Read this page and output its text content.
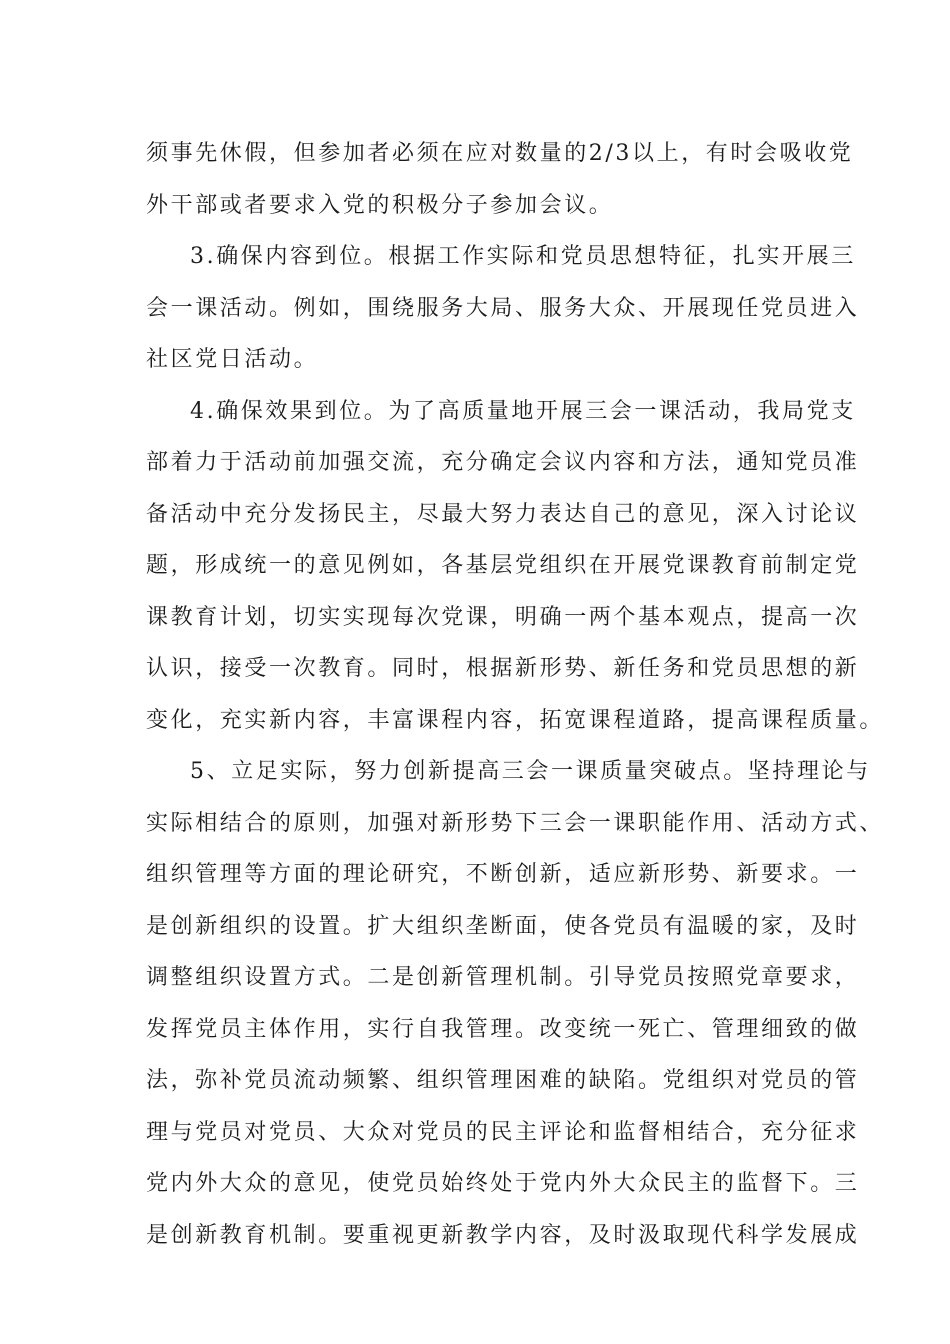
须事先休假，但参加者必须在应对数量的2/3以上，有时会吸收党
外干部或者要求入党的积极分子参加会议。
3.确保内容到位。根据工作实际和党员思想特征，扎实开展三
会一课活动。例如，围绕服务大局、服务大众、开展现任党员进入
社区党日活动。
4.确保效果到位。为了高质量地开展三会一课活动，我局党支
部着力于活动前加强交流，充分确定会议内容和方法，通知党员准
备活动中充分发扬民主，尽最大努力表达自己的意见，深入讨论议
题，形成统一的意见例如，各基层党组织在开展党课教育前制定党
课教育计划，切实实现每次党课，明确一两个基本观点，提高一次
认识，接受一次教育。同时，根据新形势、新任务和党员思想的新
变化，充实新内容，丰富课程内容，拓宽课程道路，提高课程质量。
5、立足实际，努力创新提高三会一课质量突破点。坚持理论与
实际相结合的原则，加强对新形势下三会一课职能作用、活动方式、
组织管理等方面的理论研究，不断创新，适应新形势、新要求。一
是创新组织的设置。扩大组织垄断面，使各党员有温暖的家，及时
调整组织设置方式。二是创新管理机制。引导党员按照党章要求，
发挥党员主体作用，实行自我管理。改变统一死亡、管理细致的做
法，弥补党员流动频繁、组织管理困难的缺陷。党组织对党员的管
理与党员对党员、大众对党员的民主评论和监督相结合，充分征求
党内外大众的意见，使党员始终处于党内外大众民主的监督下。三
是创新教育机制。要重视更新教学内容，及时汲取现代科学发展成
